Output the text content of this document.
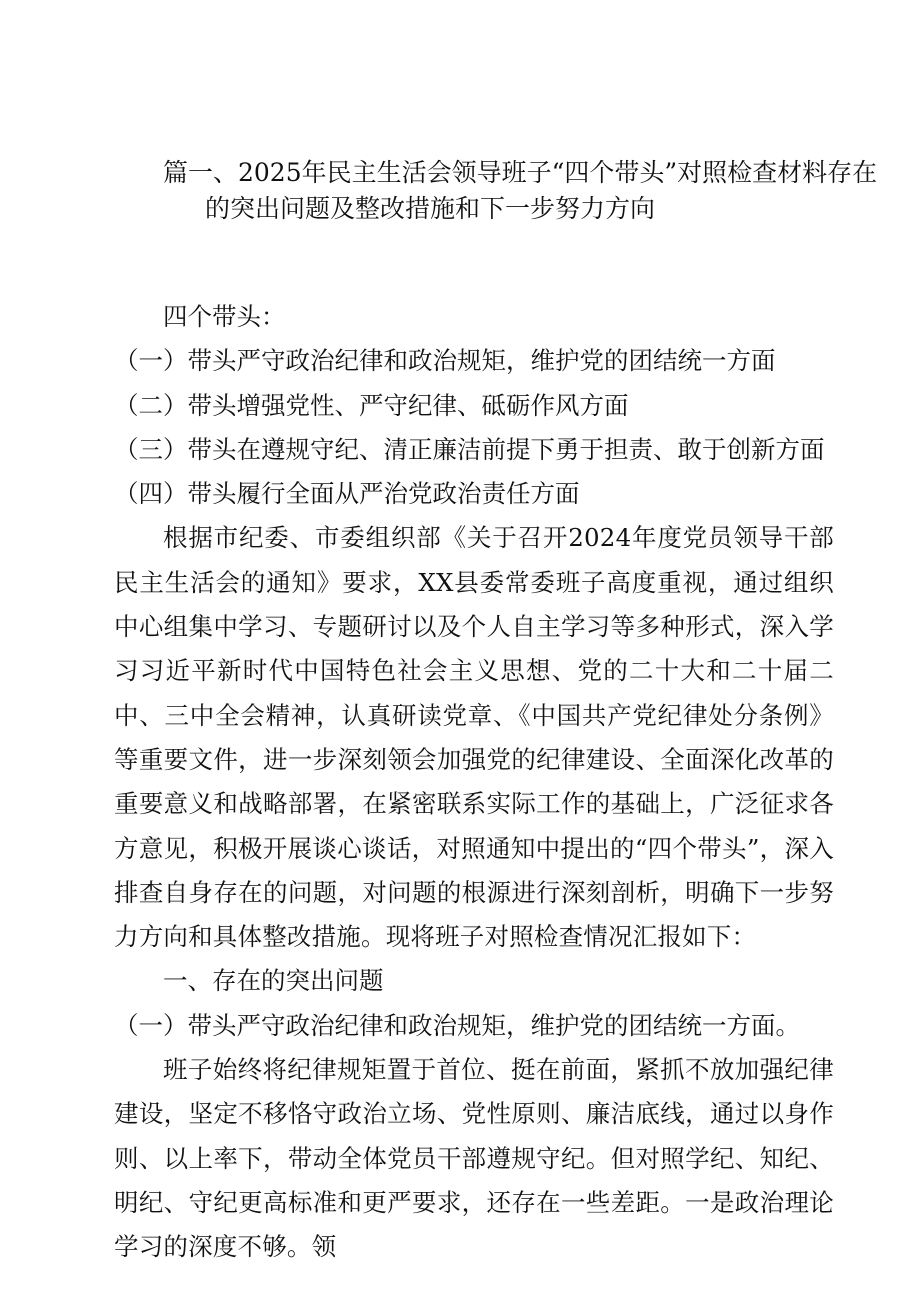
篇一、2025年民主生活会领导班子“四个带头”对照检查材料存在
的突出问题及整改措施和下一步努力方向

四个带头：

（一）带头严守政治纪律和政治规矩，维护党的团结统一方面

（二）带头增强党性、严守纪律、砥砺作风方面

（三）带头在遵规守纪、清正廉洁前提下勇于担责、敢于创新方面

（四）带头履行全面从严治党政治责任方面

根据市纪委、市委组织部《关于召开2024年度党员领导干部民主生活会的通知》要求，XX县委常委班子高度重视，通过组织中心组集中学习、专题研讨以及个人自主学习等多种形式，深入学习习近平新时代中国特色社会主义思想、党的二十大和二十届二中、三中全会精神，认真研读党章、《中国共产党纪律处分条例》等重要文件，进一步深刻领会加强党的纪律建设、全面深化改革的重要意义和战略部署，在紧密联系实际工作的基础上，广泛征求各方意见，积极开展谈心谈话，对照通知中提出的“四个带头”，深入排查自身存在的问题，对问题的根源进行深刻剖析，明确下一步努力方向和具体整改措施。现将班子对照检查情况汇报如下：

一、存在的突出问题

（一）带头严守政治纪律和政治规矩，维护党的团结统一方面。

班子始终将纪律规矩置于首位、挺在前面，紧抓不放加强纪律建设，坚定不移恪守政治立场、党性原则、廉洁底线，通过以身作则、以上率下，带动全体党员干部遵规守纪。但对照学纪、知纪、明纪、守纪更高标准和更严要求，还存在一些差距。一是政治理论学习的深度不够。领
